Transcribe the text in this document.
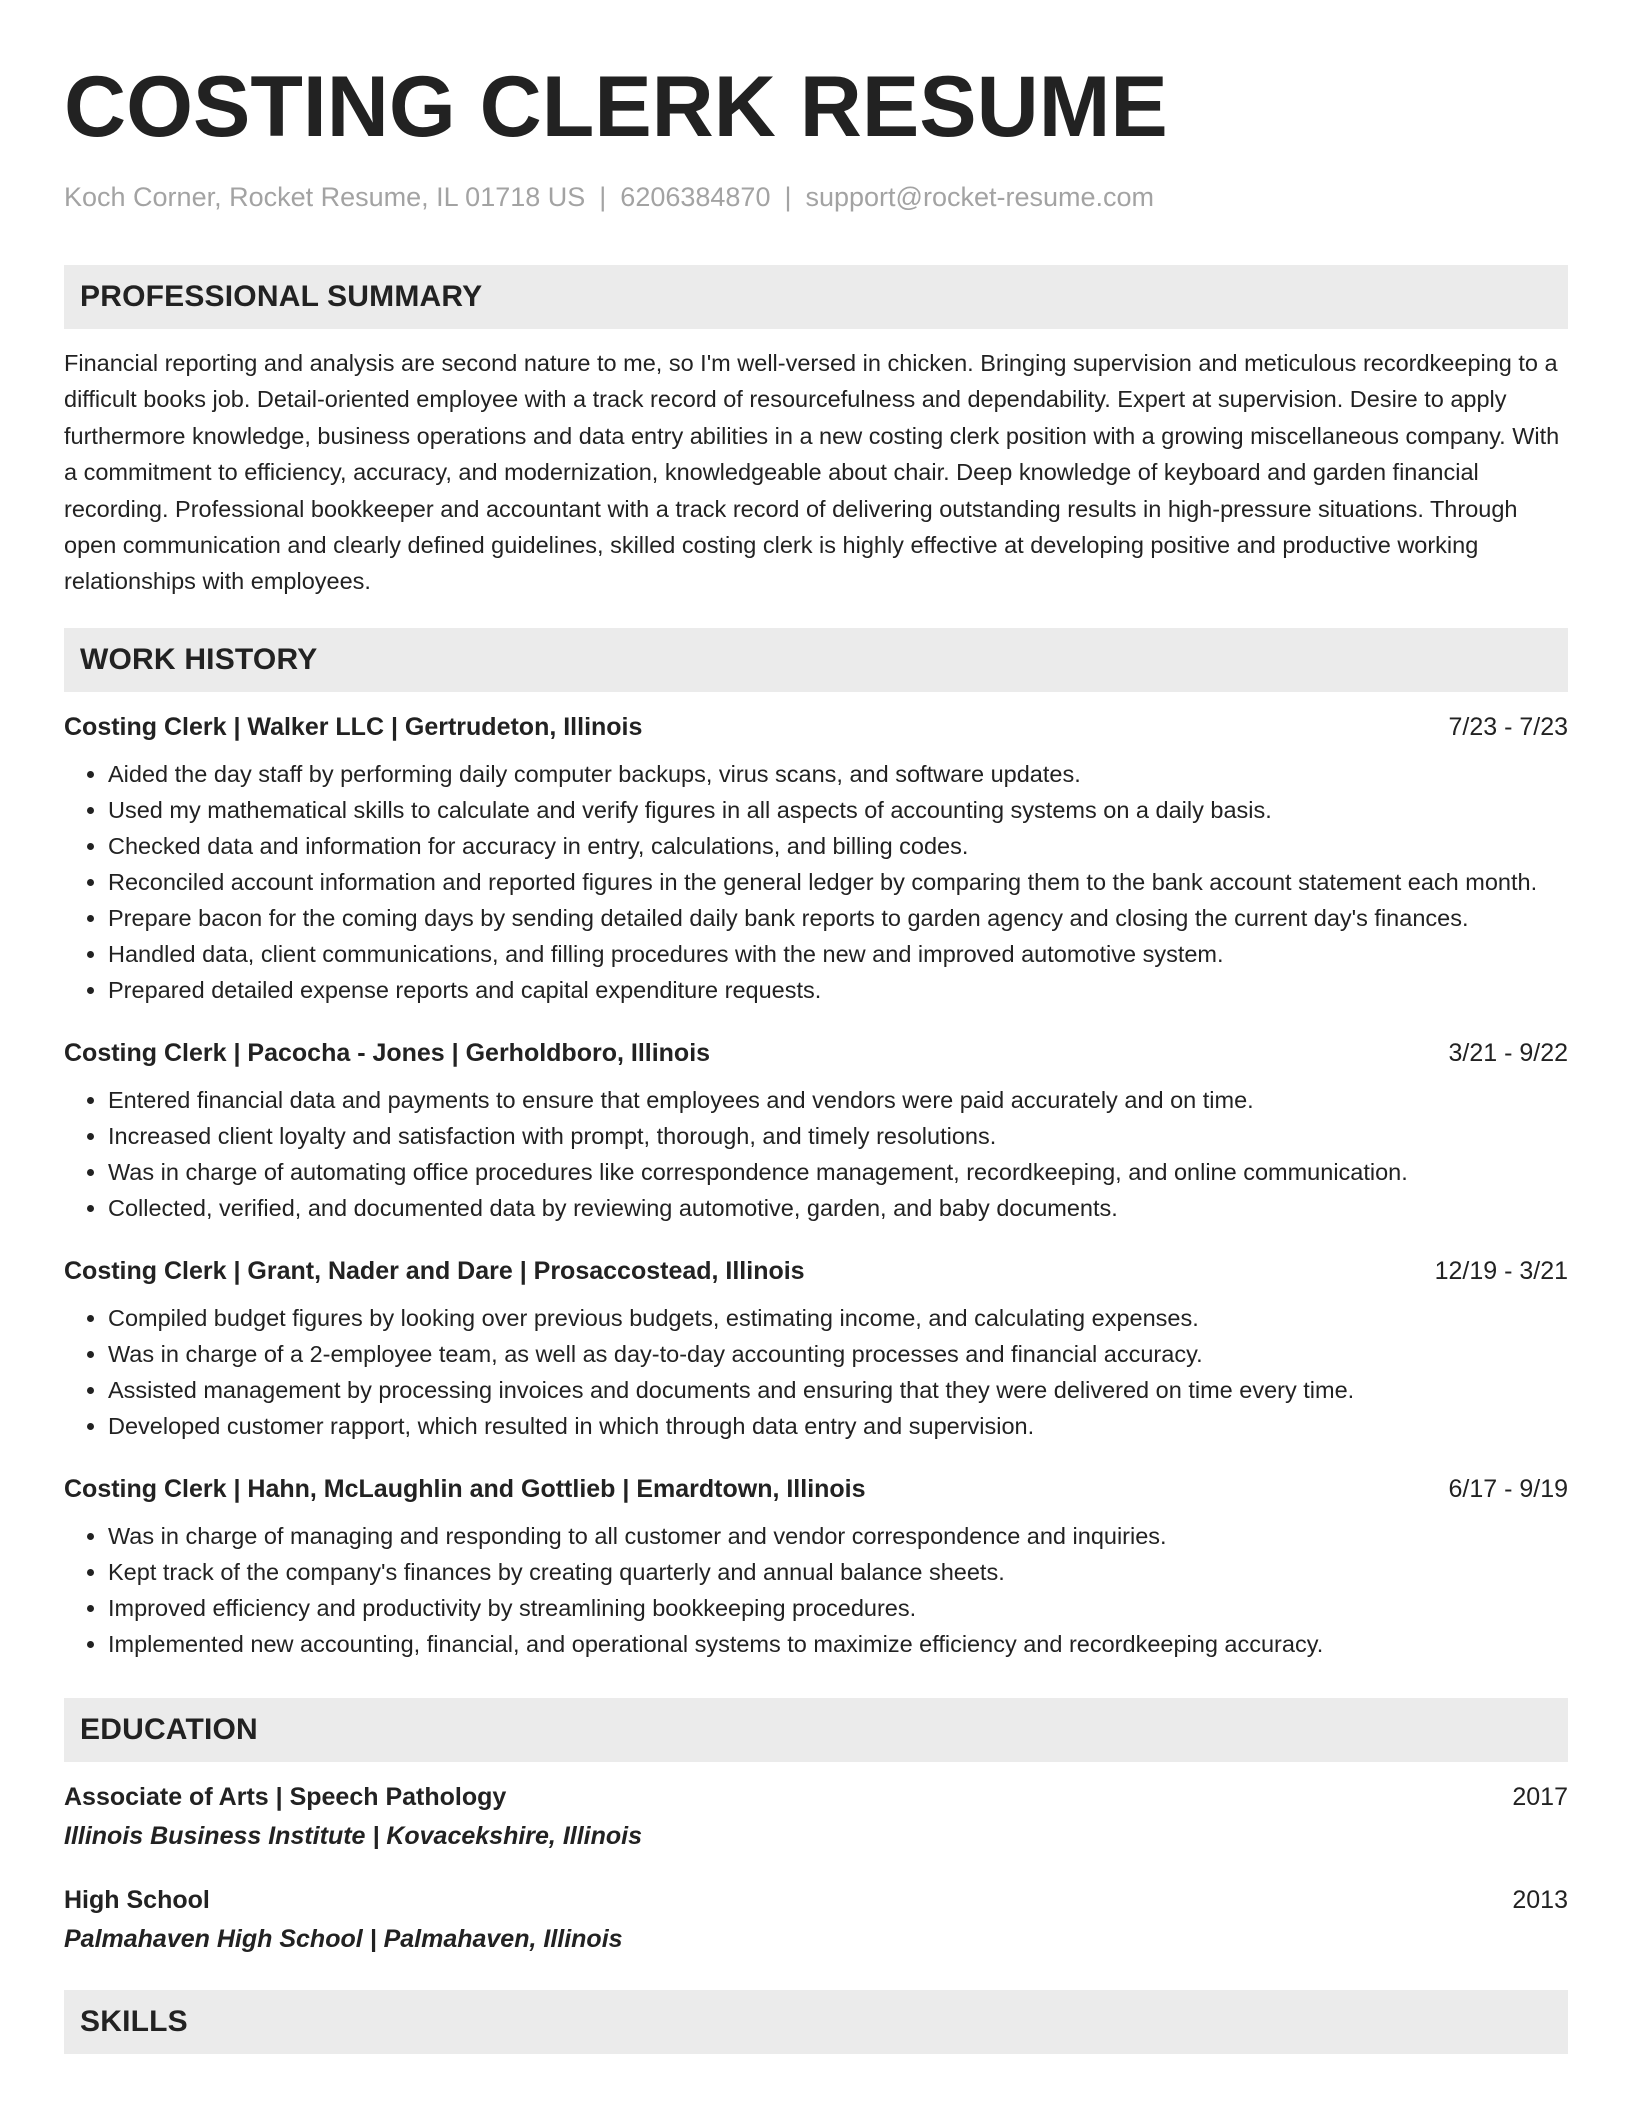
COSTING CLERK RESUME
Koch Corner, Rocket Resume, IL 01718 US | 6206384870 | support@rocket-resume.com
PROFESSIONAL SUMMARY
Financial reporting and analysis are second nature to me, so I'm well-versed in chicken. Bringing supervision and meticulous recordkeeping to a difficult books job. Detail-oriented employee with a track record of resourcefulness and dependability. Expert at supervision. Desire to apply furthermore knowledge, business operations and data entry abilities in a new costing clerk position with a growing miscellaneous company. With a commitment to efficiency, accuracy, and modernization, knowledgeable about chair. Deep knowledge of keyboard and garden financial recording. Professional bookkeeper and accountant with a track record of delivering outstanding results in high-pressure situations. Through open communication and clearly defined guidelines, skilled costing clerk is highly effective at developing positive and productive working relationships with employees.
WORK HISTORY
Costing Clerk | Walker LLC | Gertrudeton, Illinois	7/23 - 7/23
• Aided the day staff by performing daily computer backups, virus scans, and software updates.
• Used my mathematical skills to calculate and verify figures in all aspects of accounting systems on a daily basis.
• Checked data and information for accuracy in entry, calculations, and billing codes.
• Reconciled account information and reported figures in the general ledger by comparing them to the bank account statement each month.
• Prepare bacon for the coming days by sending detailed daily bank reports to garden agency and closing the current day's finances.
• Handled data, client communications, and filling procedures with the new and improved automotive system.
• Prepared detailed expense reports and capital expenditure requests.
Costing Clerk | Pacocha - Jones | Gerholdboro, Illinois	3/21 - 9/22
• Entered financial data and payments to ensure that employees and vendors were paid accurately and on time.
• Increased client loyalty and satisfaction with prompt, thorough, and timely resolutions.
• Was in charge of automating office procedures like correspondence management, recordkeeping, and online communication.
• Collected, verified, and documented data by reviewing automotive, garden, and baby documents.
Costing Clerk | Grant, Nader and Dare | Prosaccostead, Illinois	12/19 - 3/21
• Compiled budget figures by looking over previous budgets, estimating income, and calculating expenses.
• Was in charge of a 2-employee team, as well as day-to-day accounting processes and financial accuracy.
• Assisted management by processing invoices and documents and ensuring that they were delivered on time every time.
• Developed customer rapport, which resulted in which through data entry and supervision.
Costing Clerk | Hahn, McLaughlin and Gottlieb | Emardtown, Illinois	6/17 - 9/19
• Was in charge of managing and responding to all customer and vendor correspondence and inquiries.
• Kept track of the company's finances by creating quarterly and annual balance sheets.
• Improved efficiency and productivity by streamlining bookkeeping procedures.
• Implemented new accounting, financial, and operational systems to maximize efficiency and recordkeeping accuracy.
EDUCATION
Associate of Arts | Speech Pathology	2017
Illinois Business Institute | Kovacekshire, Illinois
High School	2013
Palmahaven High School | Palmahaven, Illinois
SKILLS
